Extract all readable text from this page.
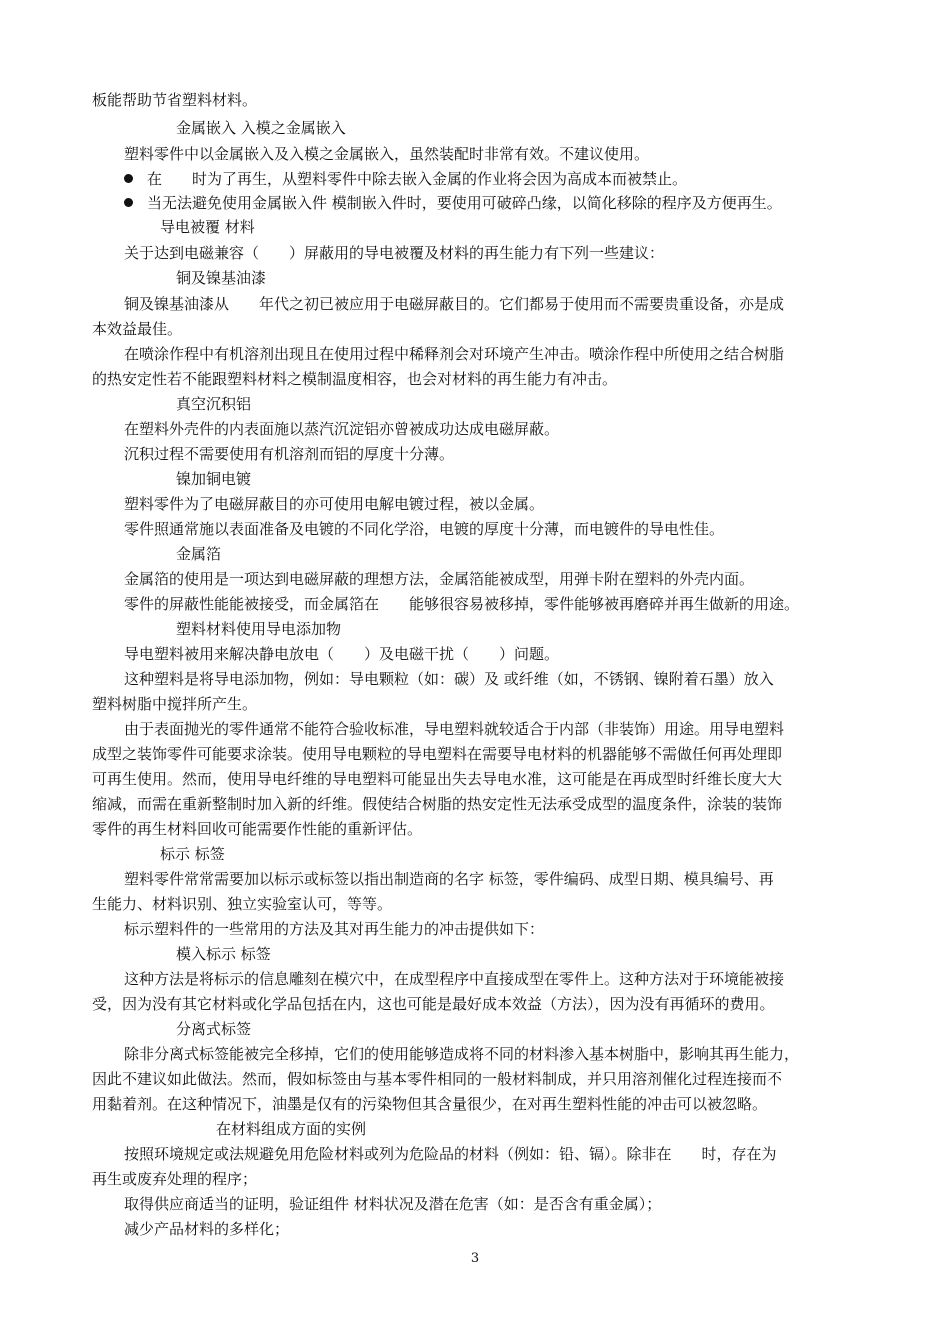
板能帮助节省塑料材料。
金属嵌入 入模之金属嵌入
塑料零件中以金属嵌入及入模之金属嵌入，虽然装配时非常有效。不建议使用。
在　　时为了再生，从塑料零件中除去嵌入金属的作业将会因为高成本而被禁止。
当无法避免使用金属嵌入件 模制嵌入件时，要使用可破碎凸缘，以简化移除的程序及方便再生。
导电被覆 材料
关于达到电磁兼容（　　）屏蔽用的导电被覆及材料的再生能力有下列一些建议：
铜及镍基油漆
铜及镍基油漆从　　年代之初已被应用于电磁屏蔽目的。它们都易于使用而不需要贵重设备，亦是成
本效益最佳。
在喷涂作程中有机溶剂出现且在使用过程中稀释剂会对环境产生冲击。喷涂作程中所使用之结合树脂
的热安定性若不能跟塑料材料之模制温度相容，也会对材料的再生能力有冲击。
真空沉积铝
在塑料外壳件的内表面施以蒸汽沉淀铝亦曾被成功达成电磁屏蔽。
沉积过程不需要使用有机溶剂而铝的厚度十分薄。
镍加铜电镀
塑料零件为了电磁屏蔽目的亦可使用电解电镀过程，被以金属。
零件照通常施以表面准备及电镀的不同化学浴，电镀的厚度十分薄，而电镀件的导电性佳。
金属箔
金属箔的使用是一项达到电磁屏蔽的理想方法，金属箔能被成型，用弹卡附在塑料的外壳内面。
零件的屏蔽性能能被接受，而金属箔在　　能够很容易被移掉，零件能够被再磨碎并再生做新的用途。
塑料材料使用导电添加物
导电塑料被用来解决静电放电（　　）及电磁干扰（　　）问题。
这种塑料是将导电添加物，例如：导电颗粒（如：碳）及 或纤维（如，不锈钢、镍附着石墨）放入
塑料树脂中搅拌所产生。
由于表面抛光的零件通常不能符合验收标准，导电塑料就较适合于内部（非装饰）用途。用导电塑料
成型之装饰零件可能要求涂装。使用导电颗粒的导电塑料在需要导电材料的机器能够不需做任何再处理即
可再生使用。然而，使用导电纤维的导电塑料可能显出失去导电水准，这可能是在再成型时纤维长度大大
缩减，而需在重新整制时加入新的纤维。假使结合树脂的热安定性无法承受成型的温度条件，涂装的装饰
零件的再生材料回收可能需要作性能的重新评估。
标示 标签
塑料零件常常需要加以标示或标签以指出制造商的名字 标签，零件编码、成型日期、模具编号、再
生能力、材料识别、独立实验室认可，等等。
标示塑料件的一些常用的方法及其对再生能力的冲击提供如下：
模入标示 标签
这种方法是将标示的信息雕刻在模穴中，在成型程序中直接成型在零件上。这种方法对于环境能被接
受，因为没有其它材料或化学品包括在内，这也可能是最好成本效益（方法），因为没有再循环的费用。
分离式标签
除非分离式标签能被完全移掉，它们的使用能够造成将不同的材料渗入基本树脂中，影响其再生能力，
因此不建议如此做法。然而，假如标签由与基本零件相同的一般材料制成，并只用溶剂催化过程连接而不
用黏着剂。在这种情况下，油墨是仅有的污染物但其含量很少，在对再生塑料性能的冲击可以被忽略。
在材料组成方面的实例
按照环境规定或法规避免用危险材料或列为危险品的材料（例如：铅、镉）。除非在　　时，存在为
再生或废弃处理的程序；
取得供应商适当的证明，验证组件 材料状况及潜在危害（如：是否含有重金属）；
减少产品材料的多样化；
3
